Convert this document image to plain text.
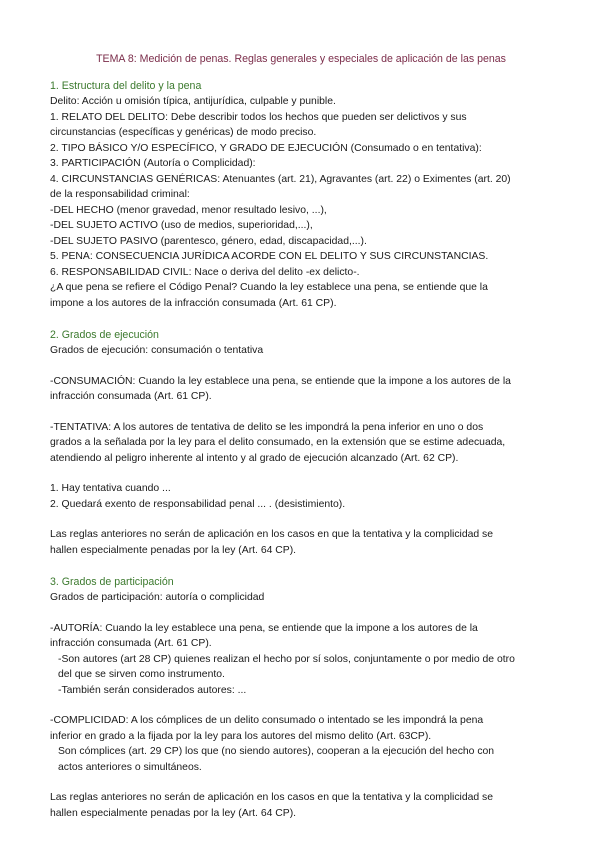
TEMA 8: Medición de penas. Reglas generales y especiales de aplicación de las penas
1. Estructura del delito y la pena
Delito: Acción u omisión típica, antijurídica, culpable y punible.
1. RELATO DEL DELITO: Debe describir todos los hechos que pueden ser delictivos y sus
circunstancias (específicas y genéricas) de modo preciso.
2. TIPO BÁSICO Y/O ESPECÍFICO, Y GRADO DE EJECUCIÓN (Consumado o en tentativa):
3. PARTICIPACIÓN (Autoría o Complicidad):
4. CIRCUNSTANCIAS GENÉRICAS: Atenuantes (art. 21), Agravantes (art. 22) o Eximentes (art. 20)
de la responsabilidad criminal:
-DEL HECHO (menor gravedad, menor resultado lesivo, ...),
-DEL SUJETO ACTIVO (uso de medios, superioridad,...),
-DEL SUJETO PASIVO (parentesco, género, edad, discapacidad,...).
5. PENA: CONSECUENCIA JURÍDICA ACORDE CON EL DELITO Y SUS CIRCUNSTANCIAS.
6. RESPONSABILIDAD CIVIL: Nace o deriva del delito -ex delicto-.
¿A que pena se refiere el Código Penal? Cuando la ley establece una pena, se entiende que la
impone a los autores de la infracción consumada (Art. 61 CP).
2. Grados de ejecución
Grados de ejecución: consumación o tentativa
-CONSUMACIÓN: Cuando la ley establece una pena, se entiende que la impone a los autores de la
infracción consumada (Art. 61 CP).
-TENTATIVA: A los autores de tentativa de delito se les impondrá la pena inferior en uno o dos
grados a la señalada por la ley para el delito consumado, en la extensión que se estime adecuada,
atendiendo al peligro inherente al intento y al grado de ejecución alcanzado (Art. 62 CP).
1. Hay tentativa cuando ...
2. Quedará exento de responsabilidad penal ... . (desistimiento).
Las reglas anteriores no serán de aplicación en los casos en que la tentativa y la complicidad se
hallen especialmente penadas por la ley (Art. 64 CP).
3. Grados de participación
Grados de participación: autoría o complicidad
-AUTORÍA: Cuando la ley establece una pena, se entiende que la impone a los autores de la
infracción consumada (Art. 61 CP).
-Son autores (art 28 CP) quienes realizan el hecho por sí solos, conjuntamente o por medio de otro
del que se sirven como instrumento.
-También serán considerados autores: ...
-COMPLICIDAD: A los cómplices de un delito consumado o intentado se les impondrá la pena
inferior en grado a la fijada por la ley para los autores del mismo delito (Art. 63CP).
Son cómplices (art. 29 CP) los que (no siendo autores), cooperan a la ejecución del hecho con
actos anteriores o simultáneos.
Las reglas anteriores no serán de aplicación en los casos en que la tentativa y la complicidad se
hallen especialmente penadas por la ley (Art. 64 CP).
